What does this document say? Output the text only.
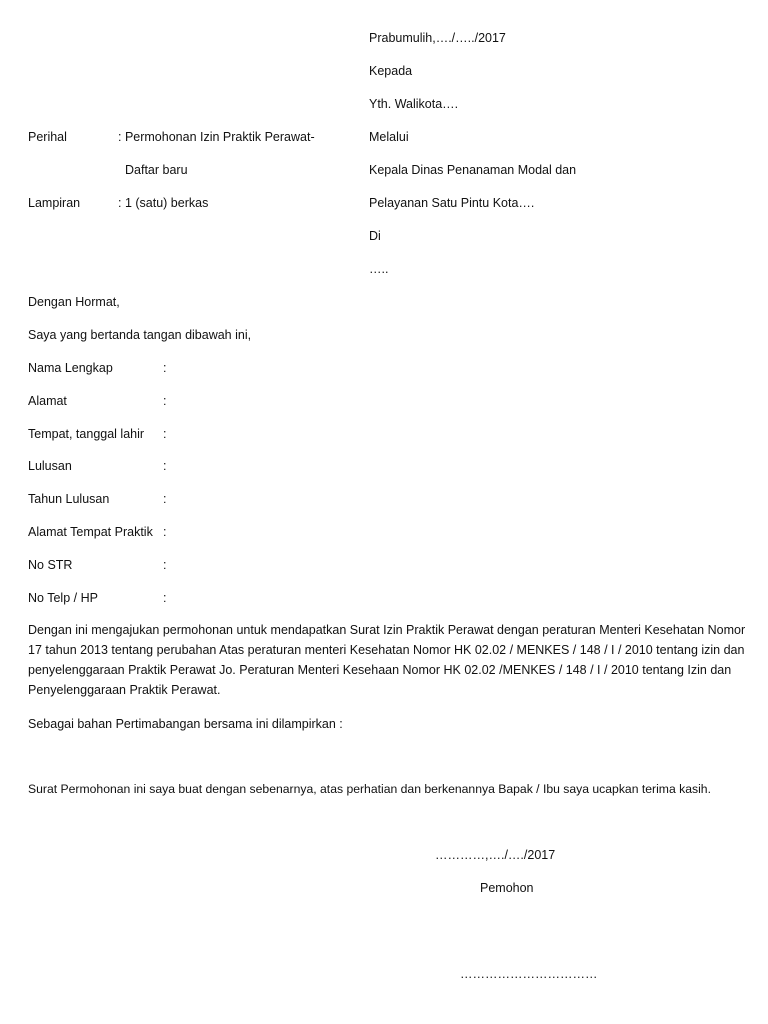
Prabumulih,…./…../2017
Kepada
Yth. Walikota….
Melalui
Kepala Dinas Penanaman Modal dan
Pelayanan Satu Pintu Kota….
Di
…..
Perihal	: Permohonan Izin Praktik Perawat-
Daftar baru
Lampiran	: 1 (satu) berkas
Dengan Hormat,
Saya yang bertanda tangan dibawah ini,
Nama Lengkap	:
Alamat	:
Tempat, tanggal lahir :
Lulusan	:
Tahun Lulusan	:
Alamat Tempat Praktik :
No STR	:
No Telp / HP	:
Dengan ini mengajukan permohonan untuk mendapatkan Surat Izin Praktik Perawat dengan peraturan Menteri Kesehatan Nomor 17 tahun 2013 tentang perubahan Atas peraturan menteri Kesehatan Nomor HK 02.02 / MENKES / 148 / I / 2010 tentang izin dan penyelenggaraan Praktik Perawat Jo. Peraturan Menteri Kesehaan Nomor HK 02.02 /MENKES / 148 / I / 2010 tentang Izin dan Penyelenggaraan Praktik Perawat.
Sebagai bahan Pertimabangan bersama ini dilampirkan :
Surat Permohonan ini saya buat dengan sebenarnya, atas perhatian dan berkenannya Bapak / Ibu saya ucapkan terima kasih.
…………,…./…./2017
Pemohon
……………………………
